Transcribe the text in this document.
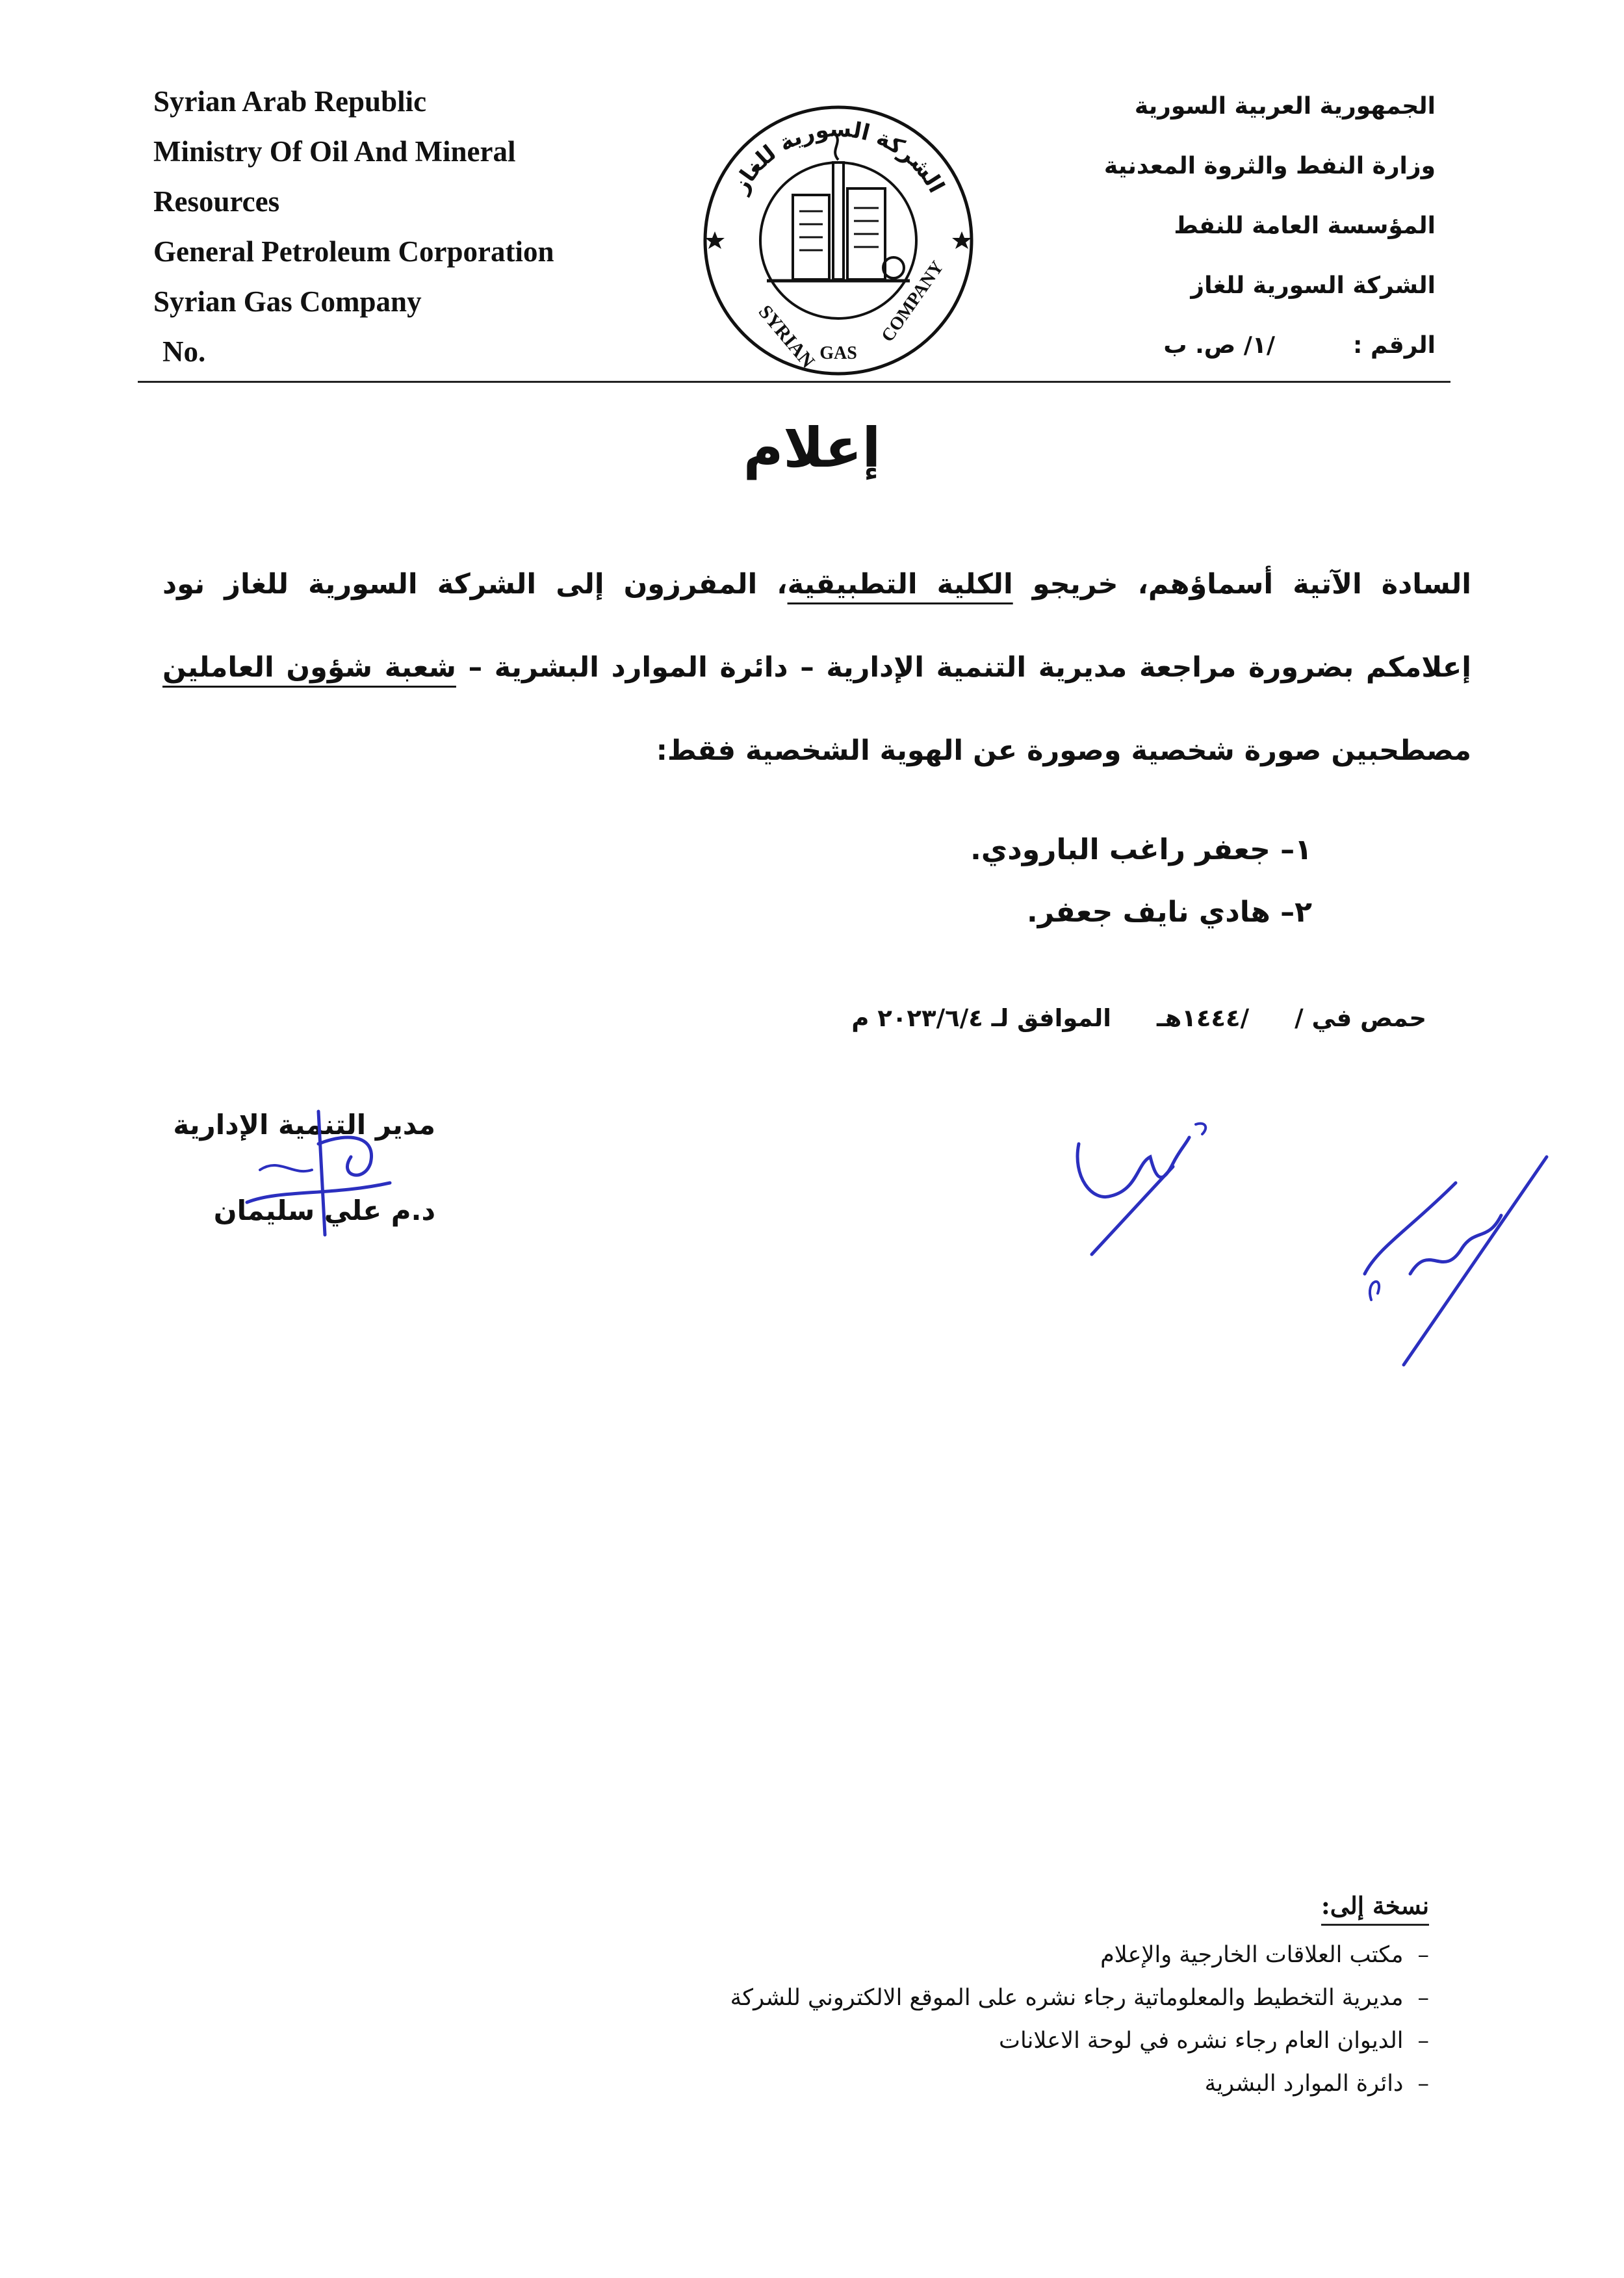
Syrian Arab Republic
Ministry Of Oil And Mineral
Resources
General Petroleum Corporation
Syrian Gas Company
No.
الجمهورية العربية السورية
وزارة النفط والثروة المعدنية
المؤسسة العامة للنفط
الشركة السورية للغاز
الرقم :
/١/ ص. ب
الشركة السورية للغاز
SYRIAN GAS
COMPANY
إعلام
السادة الآتية أسماؤهم، خريجو الكلية التطبيقية، المفرزون إلى الشركة السورية للغاز نود إعلامكم بضرورة مراجعة مديرية التنمية الإدارية – دائرة الموارد البشرية – شعبة شؤون العاملين مصطحبين صورة شخصية وصورة عن الهوية الشخصية فقط:
١– جعفر راغب البارودي.
٢– هادي نايف جعفر.
حمص في //١٤٤٤هـالموافق لـ ٢٠٢٣/٦/٤ م
مدير التنمية الإدارية
د.م علي سليمان
نسخة إلى:
–مكتب العلاقات الخارجية والإعلام
–مديرية التخطيط والمعلوماتية رجاء نشره على الموقع الالكتروني للشركة
–الديوان العام رجاء نشره في لوحة الاعلانات
–دائرة الموارد البشرية
